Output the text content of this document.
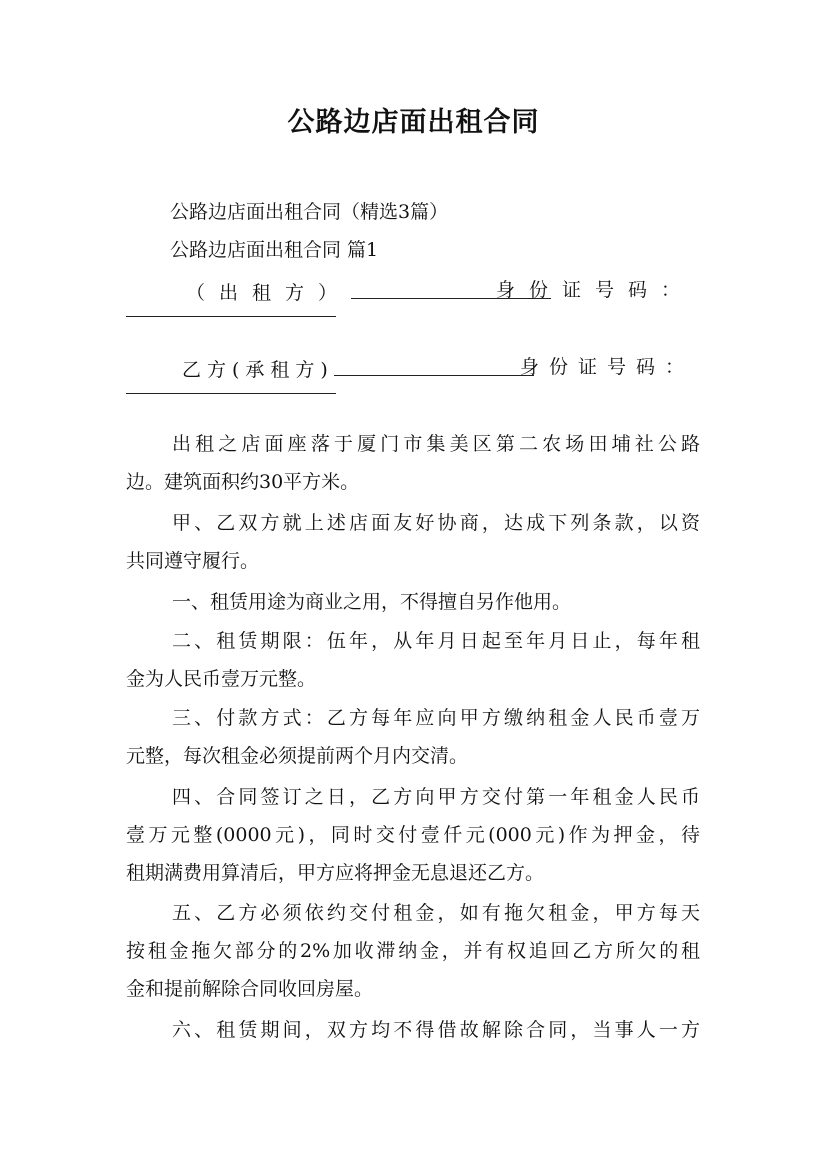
公路边店面出租合同
公路边店面出租合同（精选3篇）
公路边店面出租合同 篇1
（出租方）	身份证号码：
乙方(承租方)	身份证号码：
出租之店面座落于厦门市集美区第二农场田埔社公路
边。建筑面积约30平方米。
甲、乙双方就上述店面友好协商，达成下列条款，以资
共同遵守履行。
一、租赁用途为商业之用，不得擅自另作他用。
二、租赁期限：伍年，从年月日起至年月日止，每年租
金为人民币壹万元整。
三、付款方式：乙方每年应向甲方缴纳租金人民币壹万
元整，每次租金必须提前两个月内交清。
四、合同签订之日，乙方向甲方交付第一年租金人民币
壹万元整(0000元)，同时交付壹仟元(000元)作为押金，待
租期满费用算清后，甲方应将押金无息退还乙方。
五、乙方必须依约交付租金，如有拖欠租金，甲方每天
按租金拖欠部分的2%加收滞纳金，并有权追回乙方所欠的租
金和提前解除合同收回房屋。
六、租赁期间，双方均不得借故解除合同，当事人一方
